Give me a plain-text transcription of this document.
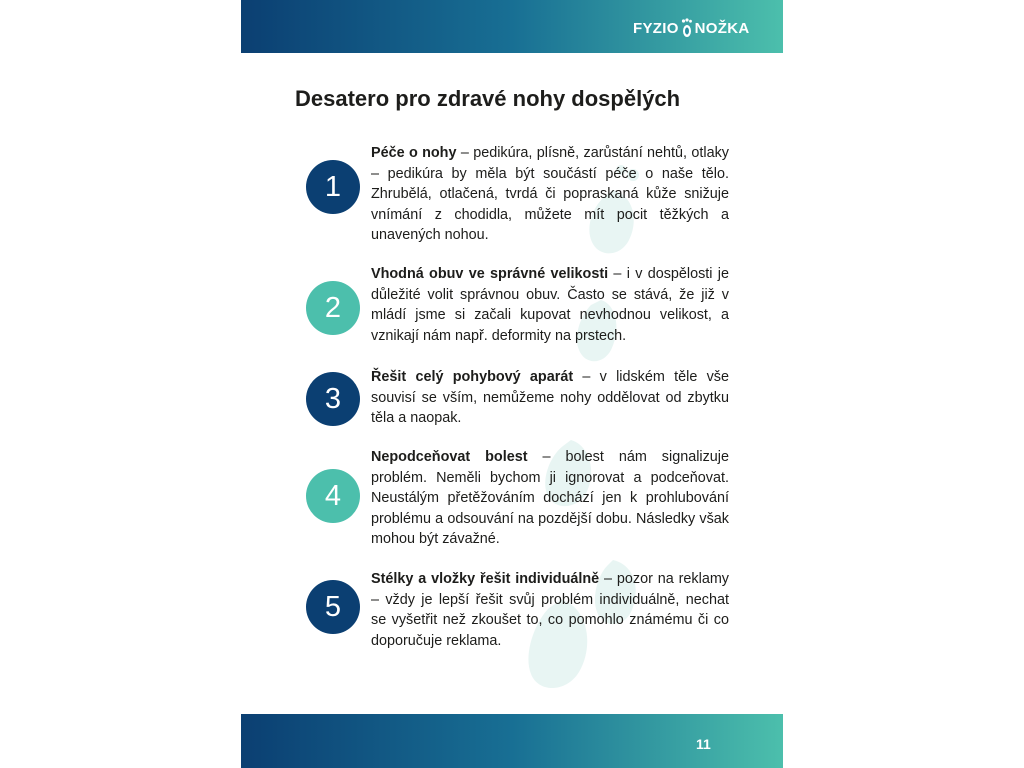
FYZIO NOŽKA
Desatero pro zdravé nohy dospělých
1

Péče o nohy – pedikúra, plísně, zarůstání nehtů, otlaky – pedikúra by měla být součástí péče o naše tělo. Zhrubělá, otlačená, tvrdá či popraskaná kůže snižuje vnímání z chodidla, můžete mít pocit těžkých a unavených nohou.

2

Vhodná obuv ve správné velikosti – i v dospělosti je důležité volit správnou obuv. Často se stává, že již v mládí jsme si začali kupovat nevhodnou velikost, a vznikají nám např. deformity na prstech.

3

Řešit celý pohybový aparát – v lidském těle vše souvisí se vším, nemůžeme nohy oddělovat od zbytku těla a naopak.

4

Nepodceňovat bolest – bolest nám signalizuje problém. Neměli bychom ji ignorovat a podceňovat. Neustálým přetěžováním dochází jen k prohlubování problému a odsouvání na pozdější dobu. Následky však mohou být závažné.

5

Stélky a vložky řešit individuálně – pozor na reklamy – vždy je lepší řešit svůj problém individuálně, nechat se vyšetřit než zkoušet to, co pomohlo známému či co doporučuje reklama.

11
